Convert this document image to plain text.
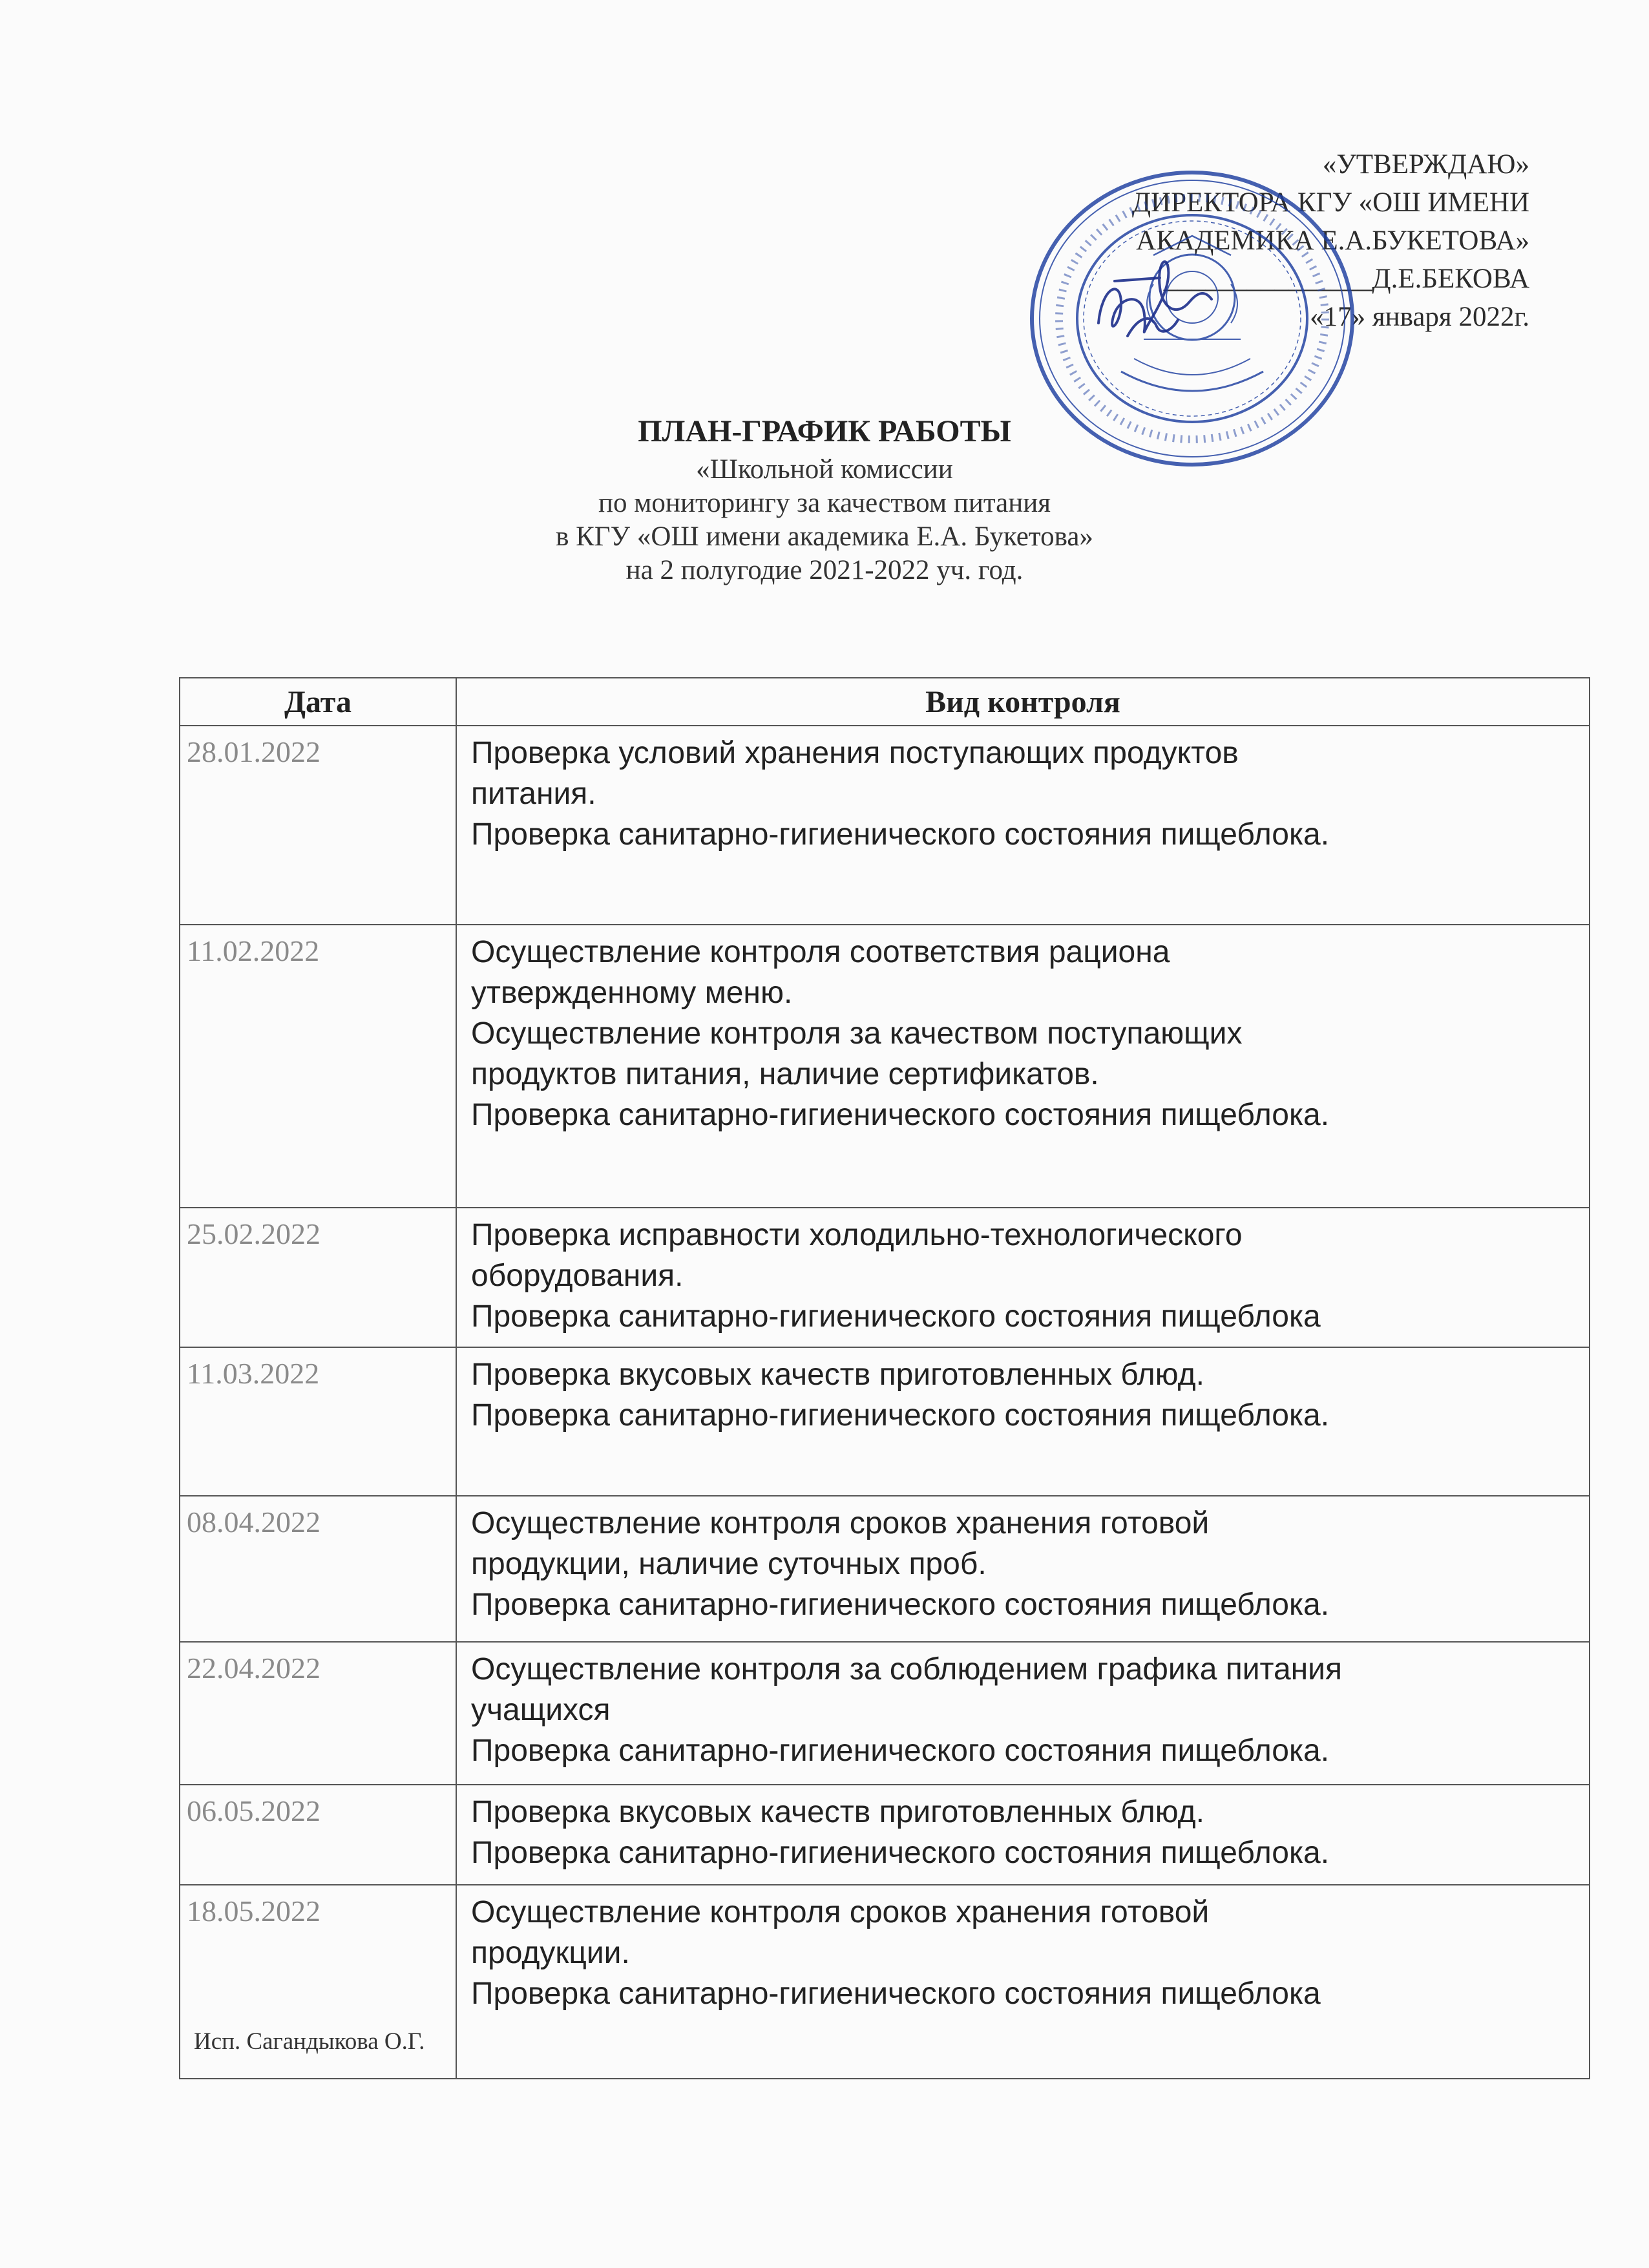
«УТВЕРЖДАЮ»
ДИРЕКТОРА КГУ «ОШ ИМЕНИ
АКАДЕМИКА Е.А.БУКЕТОВА»
_______________Д.Е.БЕКОВА
«17» января 2022г.
ПЛАН-ГРАФИК РАБОТЫ
«Школьной комиссии
по мониторингу за качеством питания
в КГУ «ОШ имени академика Е.А. Букетова»
на 2 полугодие 2021-2022 уч. год.
Дата	Вид контроля
28.01.2022	Проверка условий хранения поступающих продуктов
питания.
Проверка санитарно-гигиенического состояния пищеблока.

11.02.2022	Осуществление контроля соответствия рациона
утвержденному меню.
Осуществление контроля за качеством поступающих
продуктов питания, наличие сертификатов.
Проверка санитарно-гигиенического состояния пищеблока.

25.02.2022	Проверка исправности холодильно-технологического
оборудования.
Проверка санитарно-гигиенического состояния пищеблока

11.03.2022	Проверка вкусовых качеств приготовленных блюд.
Проверка санитарно-гигиенического состояния пищеблока.

08.04.2022	Осуществление контроля сроков хранения готовой
продукции, наличие суточных проб.
Проверка санитарно-гигиенического состояния пищеблока.

22.04.2022	Осуществление контроля за соблюдением графика питания
учащихся
Проверка санитарно-гигиенического состояния пищеблока.

06.05.2022	Проверка вкусовых качеств приготовленных блюд.
Проверка санитарно-гигиенического состояния пищеблока.

18.05.2022	Осуществление контроля сроков хранения готовой
продукции.
Проверка санитарно-гигиенического состояния пищеблока
Исп. Сагандыкова О.Г.
